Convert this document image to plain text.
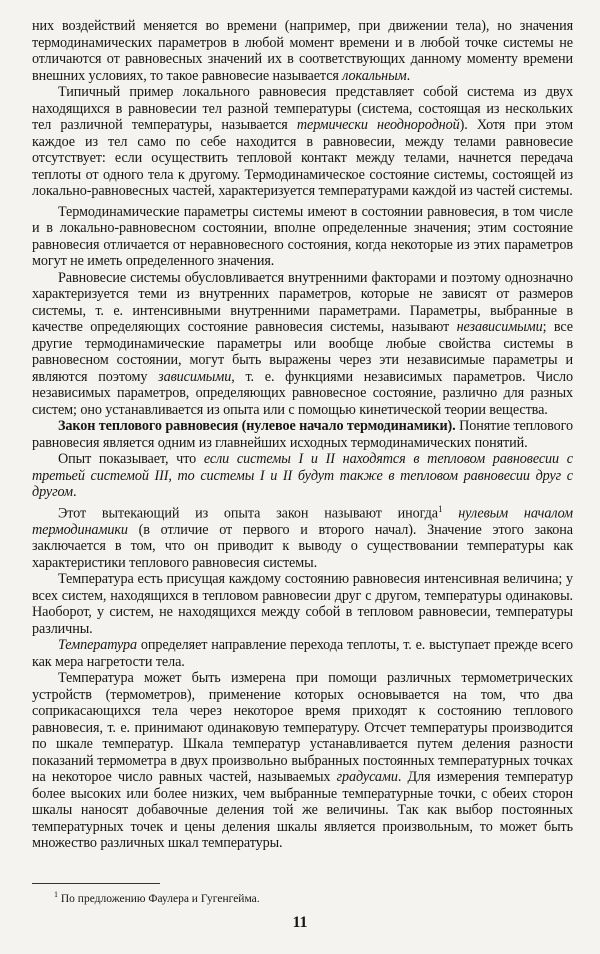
них воздействий меняется во времени (например, при движении тела), но значения термодинамических параметров в любой момент времени и в любой точке системы не отличаются от равновесных значений их в соответствующих данному моменту времени внешних условиях, то такое равновесие называется локальным.

Типичный пример локального равновесия представляет собой система из двух находящихся в равновесии тел разной температуры (система, состоящая из нескольких тел различной температуры, называется термически неоднородной). Хотя при этом каждое из тел само по себе находится в равновесии, между телами равновесие отсутствует: если осуществить тепловой контакт между телами, начнется передача теплоты от одного тела к другому. Термодинамическое состояние системы, состоящей из локально-равновесных частей, характеризуется температурами каждой из частей системы.

Термодинамические параметры системы имеют в состоянии равновесия, в том числе и в локально-равновесном состоянии, вполне определенные значения; этим состояние равновесия отличается от неравновесного состояния, когда некоторые из этих параметров могут не иметь определенного значения.

Равновесие системы обусловливается внутренними факторами и поэтому однозначно характеризуется теми из внутренних параметров, которые не зависят от размеров системы, т. е. интенсивными внутренними параметрами. Параметры, выбранные в качестве определяющих состояние равновесия системы, называют независимыми; все другие термодинамические параметры или вообще любые свойства системы в равновесном состоянии, могут быть выражены через эти независимые параметры и являются поэтому зависимыми, т. е. функциями независимых параметров. Число независимых параметров, определяющих равновесное состояние, различно для разных систем; оно устанавливается из опыта или с помощью кинетической теории вещества.

Закон теплового равновесия (нулевое начало термодинамики). Понятие теплового равновесия является одним из главнейших исходных термодинамических понятий.

Опыт показывает, что если системы I и II находятся в тепловом равновесии с третьей системой III, то системы I и II будут также в тепловом равновесии друг с другом.

Этот вытекающий из опыта закон называют иногда$^1$ нулевым началом термодинамики (в отличие от первого и второго начал). Значение этого закона заключается в том, что он приводит к выводу о существовании температуры как характеристики теплового равновесия системы.

Температура есть присущая каждому состоянию равновесия интенсивная величина; у всех систем, находящихся в тепловом равновесии друг с другом, температуры одинаковы. Наоборот, у систем, не находящихся между собой в тепловом равновесии, температуры различны.

Температура определяет направление перехода теплоты, т. е. выступает прежде всего как мера нагретости тела.

Температура может быть измерена при помощи различных термометрических устройств (термометров), применение которых основывается на том, что два соприкасающихся тела через некоторое время приходят к состоянию теплового равновесия, т. е. принимают одинаковую температуру. Отсчет температуры производится по шкале температур. Шкала температур устанавливается путем деления разности показаний термометра в двух произвольно выбранных постоянных температурных точках на некоторое число равных частей, называемых градусами. Для измерения температур более высоких или более низких, чем выбранные температурные точки, с обеих сторон шкалы наносят добавочные деления той же величины. Так как выбор постоянных температурных точек и цены деления шкалы является произвольным, то может быть множество различных шкал температуры.

$^1$ По предложению Фаулера и Гугенгейма.
11
